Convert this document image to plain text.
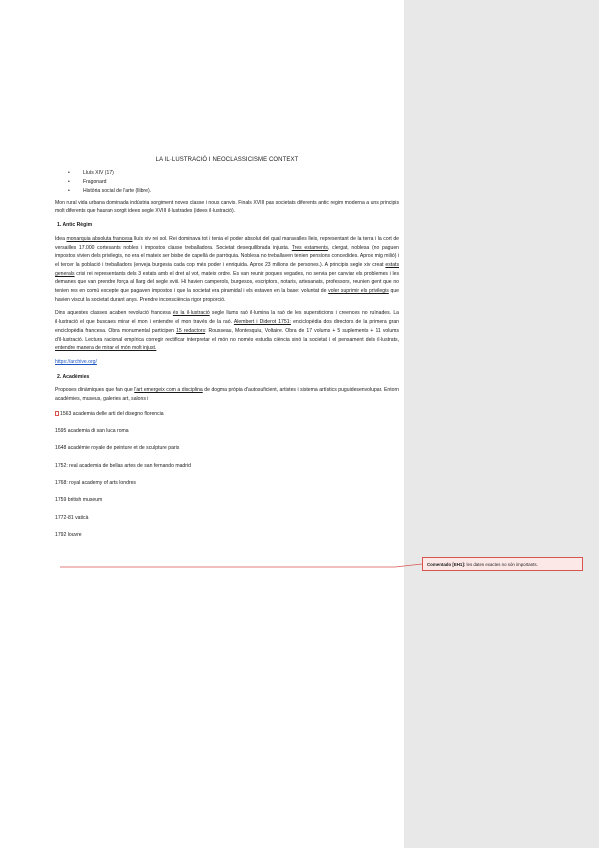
LA IL·LUSTRACIÓ I NEOCLASSICISME CONTEXT
•	Lluís XIV (17)
•	Fragonard
•	Història social de l'arte (llibre).

Mon rural vida urbana dominada indústria sorgiment noves classe i nous canvis. Finals XVIII pas societats diferents antic regim moderna a uns principis molt diferents que hauran sorgit idees segle XVIII il·lustrades (idees il·lustració).

1. Antic Règim

Idea monarquia absoluta francesa lluís xiv rei sol. Rei dominava tot i tenia el poder absolut del qual maravalles lleis, representant de la terra i la cort de versailles 17.000 cortesants nobles i impostos classe treballadora. Societat desequilibrada injusta. Tres estaments, clergat, noblesa (no paguen impostos vivien dels privilegis, no era el mateix ser bisbe de capellà de parròquia. Noblesa no treballaven tenien pensions concedides. Aprox mig milió) i el tercer la població i treballadors (enveja burgesia cada cop més poder i enriquida. Aprox 23 milions de persones.). A principis segle xiv creat estats generals crisi rei representants dels 3 estats amb el dret al vot, mateix ordre. Es van reunir poques vegades, no servia per canviar els problemes i les demanes que van prendre força al llarg del segle xviii. Hi havien camperols, burgesos, escriptors, notaris, artesanats, professors, reunien gent que no tenien res en comú excepte que pagaven impostos i que la societat era piramidal i els estaven en la base: voluntat de voler suprimir els privilegis que havien viscut la societat durant anys. Prendre inconsciència rigor proporció.

Dins aquestes classes acaben revolució francesa és la il·lustració segle llums raó il·lumina la raó de les supersticions i creences no ruïnades. La il·lustració el que buscaes mirar el mon i entendre el mon través de la raó. Alembert i Diderot 1751: enciclopèdia dos directors de la primera gran enciclopèdia francesa. Obra monumental participen 15 redactors: Rousseau, Montesquiu, Voltaire. Obra de 17 volums + 5 suplements + 11 volums d'il·lustració. Lectura racional empírica corregir rectificar interpretar el món no només estudia ciència sinó la societat i el pensament dels il·lustrats, entendre manera de mirar el món molt injust.

https://archive.org/

2. Acadèmies

Proposes dinàmiques que fan que l'art emergeix com a disciplina de dogma pròpia d'autosuficient, artistes i sistema artístics puguidesenvolupar. Entorn acadèmies, museus, galeries art, salons i

1563 academia delle arti del disegno florencia
1595 academia di san luca roma
1648 académie royale de peinture et de sculpture paris
1752: real academia de bellas artes de san fernando madrid
1768: royal academy of arts londres
1759 british museum
1772-81 vaticà
1792 louvre
Comentado [EH1]: les dates exactes no són importants.
